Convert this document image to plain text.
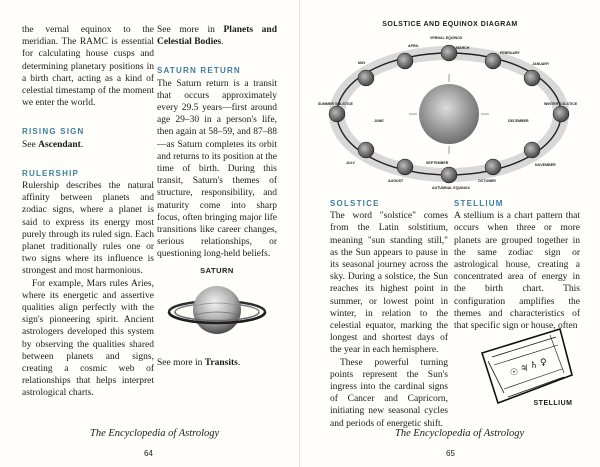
the vernal equinox to the meridian. The RAMC is essential for calculating house cusps and determining planetary positions in a birth chart, acting as a kind of celestial timestamp of the moment we enter the world.

RISING SIGN

See Ascendant.

RULERSHIP

Rulership describes the natural affinity between planets and zodiac signs, where a planet is said to express its energy most purely through its ruled sign. Each planet traditionally rules one or two signs where its influence is strongest and most harmonious.

For example, Mars rules Aries, where its energetic and assertive qualities align perfectly with the sign's pioneering spirit. Ancient astrologers developed this system by observing the qualities shared between planets and signs, creating a cosmic web of relationships that helps interpret astrological charts.

See more in Planets and Celestial Bodies.

SATURN RETURN

The Saturn return is a transit that occurs approximately every 29.5 years—first around age 29–30 in a person's life, then again at 58–59, and 87–88—as Saturn completes its orbit and returns to its position at the time of birth. During this transit, Saturn's themes of structure, responsibility, and maturity come into sharp focus, often bringing major life transitions like career changes, serious relationships, or questioning long-held beliefs.

SATURN

See more in Transits.

The Encyclopedia of Astrology
64
SOLSTICE AND EQUINOX DIAGRAM
VERNAL EQUINOX
MARCH
APRIL
FEBRUARY
MAY	JANUARY
SUMMER SOLSTICE	WINTER SOLSTICE
JUNE	DECEMBER
JULY	NOVEMBER
AUGUST	OCTOBER
SEPTEMBER
AUTUMNAL EQUINOX

SOLSTICE

The word "solstice" comes from the Latin solstitium, meaning "sun standing still," as the Sun appears to pause in its seasonal journey across the sky. During a solstice, the Sun reaches its highest point in summer, or lowest point in winter, in relation to the celestial equator, marking the longest and shortest days of the year in each hemisphere.

These powerful turning points represent the Sun's ingress into the cardinal signs of Cancer and Capricorn, initiating new seasonal cycles and periods of energetic shift.

STELLIUM

A stellium is a chart pattern that occurs when three or more planets are grouped together in the same zodiac sign or astrological house, creating a concentrated area of energy in the birth chart. This configuration amplifies the themes and characteristics of that specific sign or house, often

☉ ♃ ♄ ♀
STELLIUM
The Encyclopedia of Astrology
65
